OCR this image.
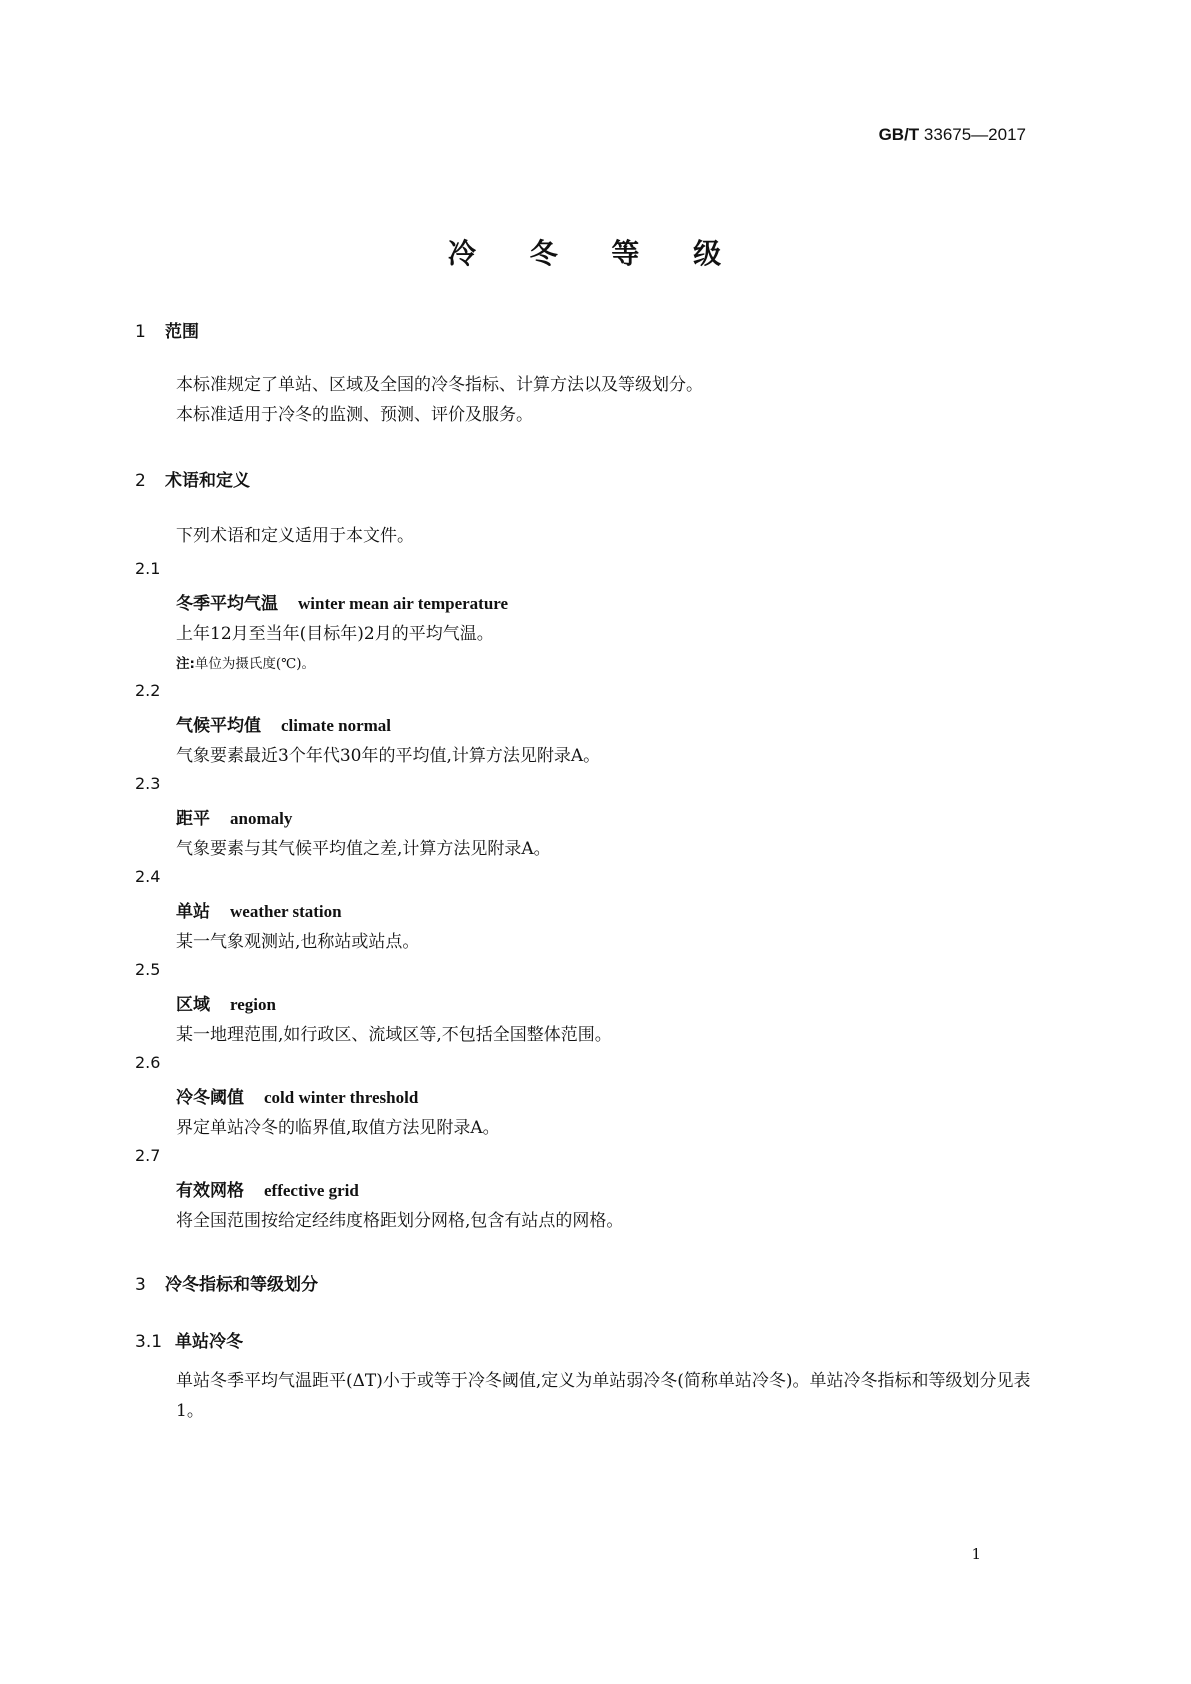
GB/T 33675—2017
冷 冬 等 级
1 范围
本标准规定了单站、区域及全国的冷冬指标、计算方法以及等级划分。
本标准适用于冷冬的监测、预测、评价及服务。
2 术语和定义
下列术语和定义适用于本文件。
2.1
冬季平均气温 winter mean air temperature
上年12月至当年(目标年)2月的平均气温。
注:单位为摄氏度(℃)。
2.2
气候平均值 climate normal
气象要素最近3个年代30年的平均值,计算方法见附录A。
2.3
距平 anomaly
气象要素与其气候平均值之差,计算方法见附录A。
2.4
单站 weather station
某一气象观测站,也称站或站点。
2.5
区域 region
某一地理范围,如行政区、流域区等,不包括全国整体范围。
2.6
冷冬阈值 cold winter threshold
界定单站冷冬的临界值,取值方法见附录A。
2.7
有效网格 effective grid
将全国范围按给定经纬度格距划分网格,包含有站点的网格。
3 冷冬指标和等级划分
3.1 单站冷冬
单站冬季平均气温距平(ΔT)小于或等于冷冬阈值,定义为单站弱冷冬(简称单站冷冬)。单站冷冬指标和等级划分见表1。
1
